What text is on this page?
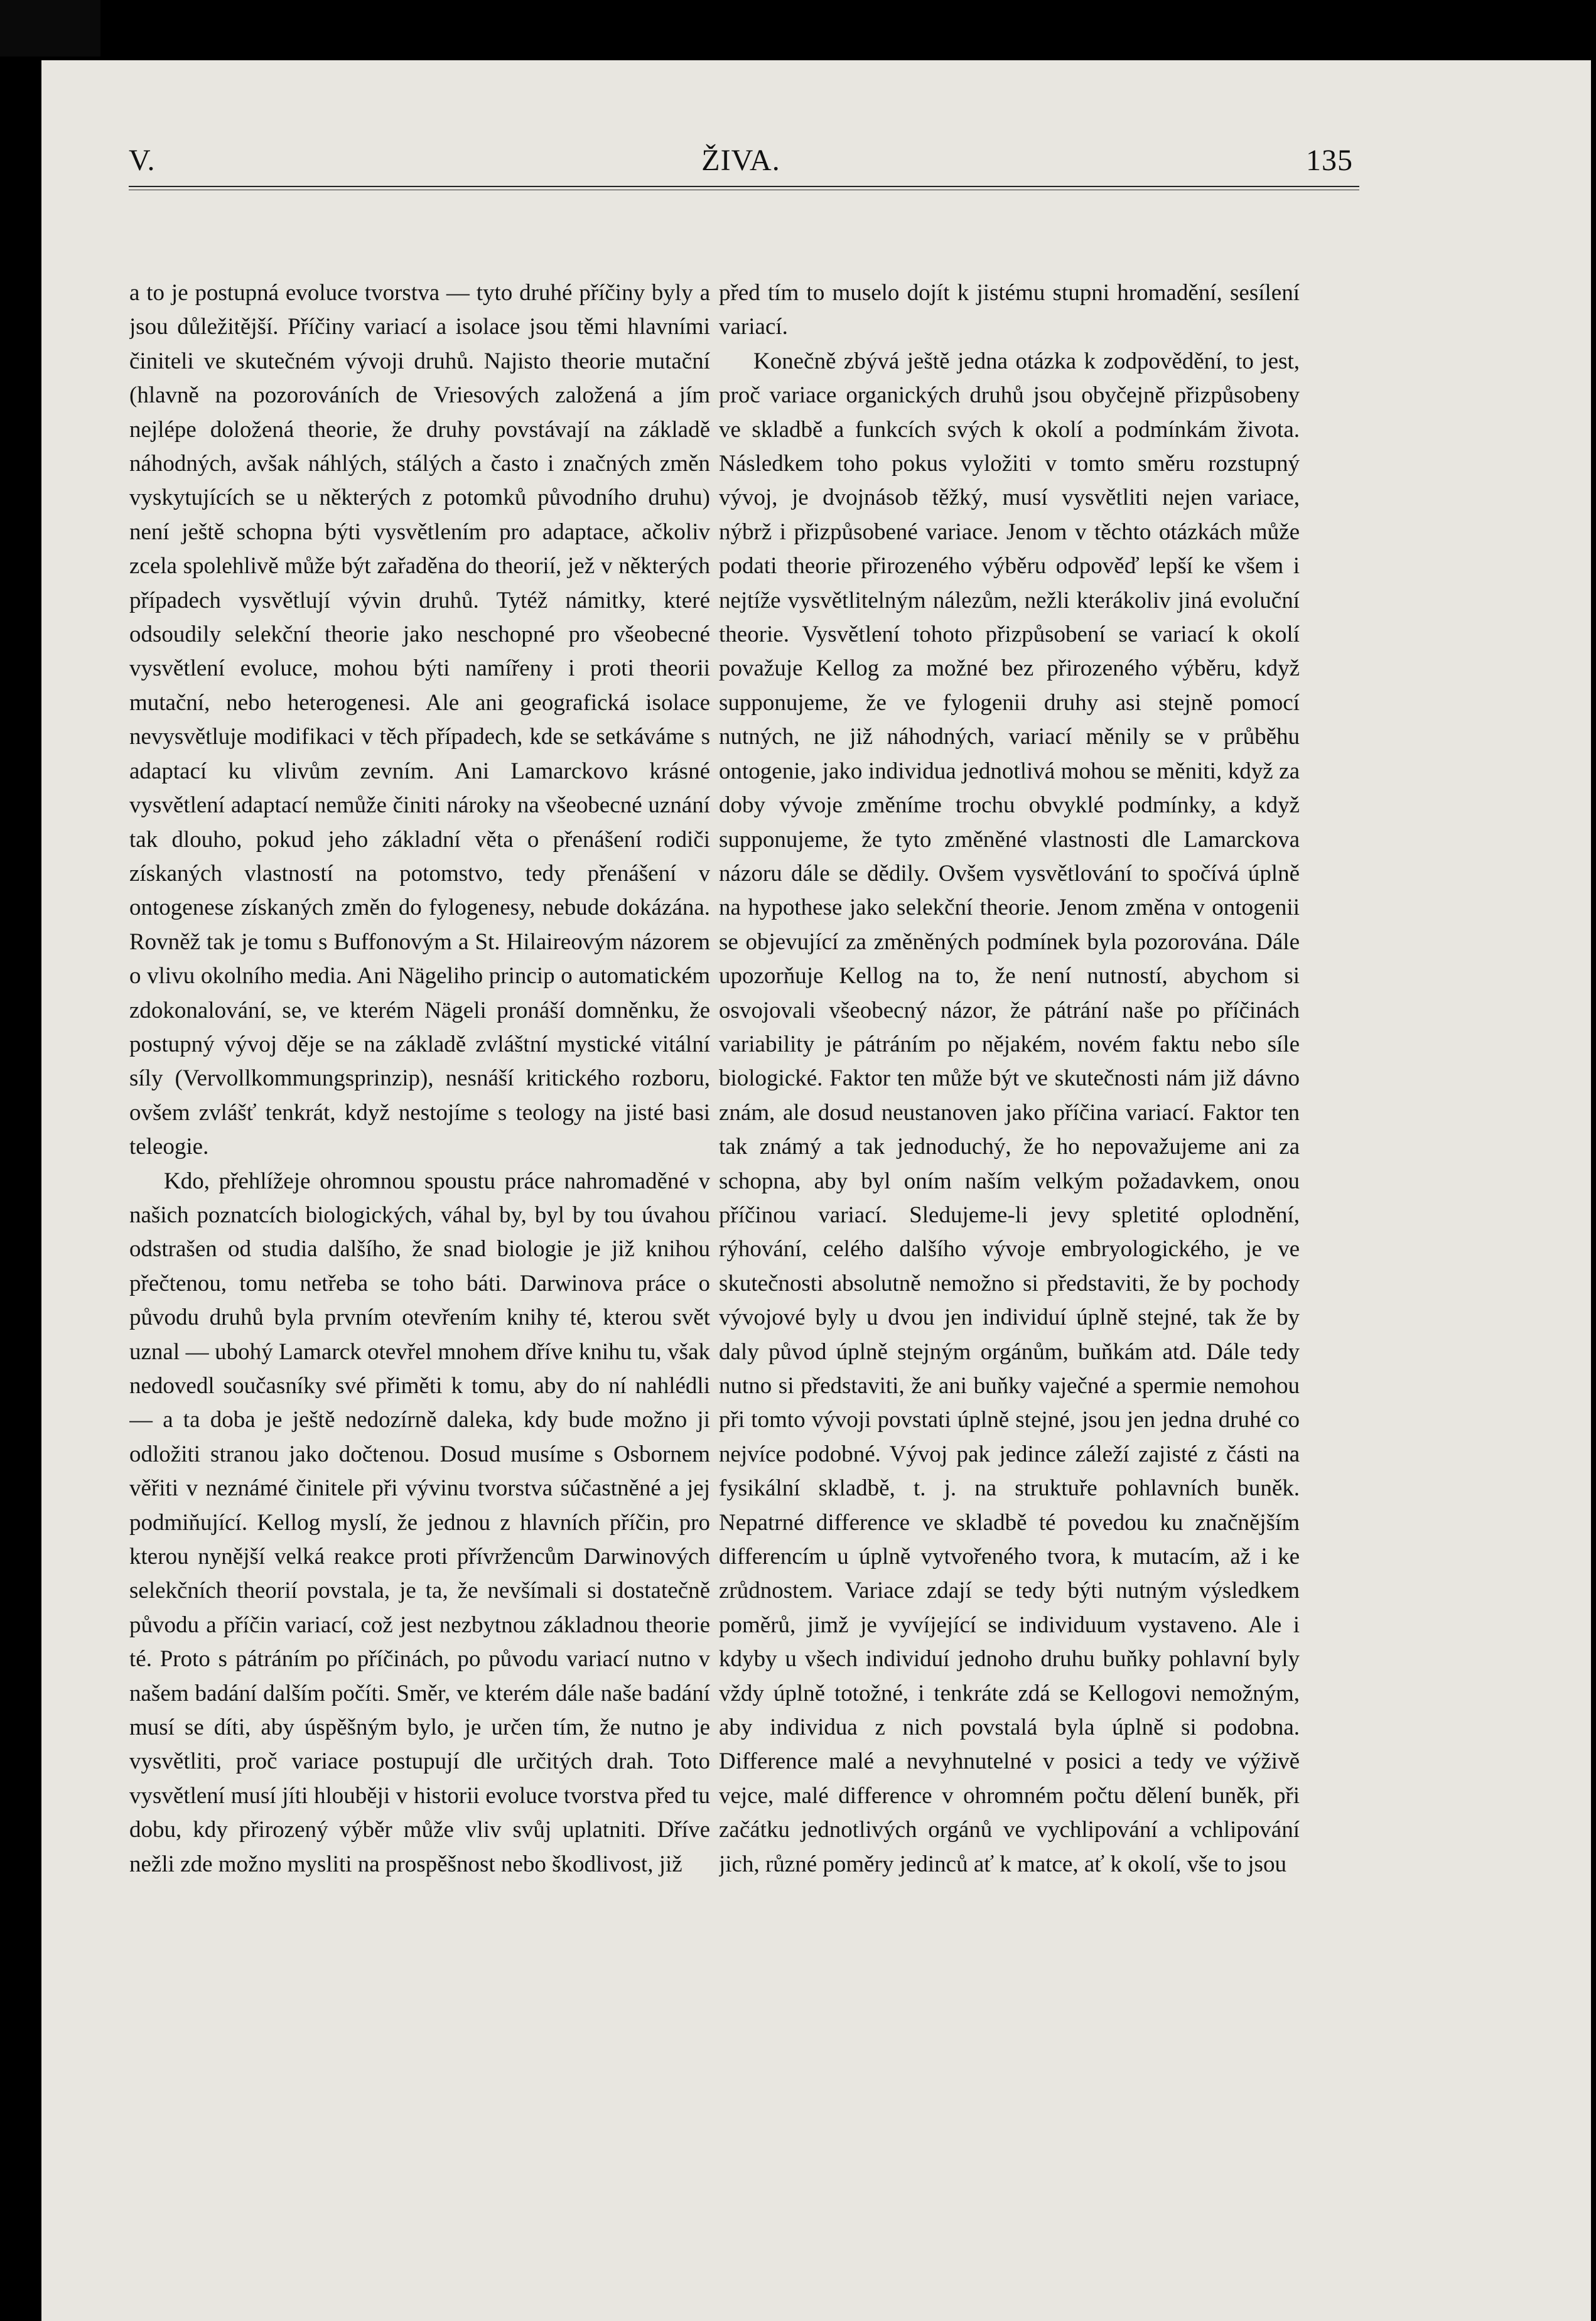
V.	ŽIVA.	135

a to je postupná evoluce tvorstva — tyto druhé příčiny byly a jsou důležitější. Příčiny variací a isolace jsou těmi hlavními činiteli ve skutečném vývoji druhů. Najisto theorie mutační (hlavně na pozorováních de Vriesových založená a jím nejlépe doložená theorie, že druhy povstávají na základě náhodných, avšak náhlých, stálých a často i značných změn vyskytujících se u některých z potomků původního druhu) není ještě schopna býti vysvětlením pro adaptace, ačkoliv zcela spolehlivě může být zařaděna do theorií, jež v některých případech vysvětlují vývin druhů. Tytéž námitky, které odsoudily selekční theorie jako neschopné pro všeobecné vysvětlení evoluce, mohou býti namířeny i proti theorii mutační, nebo heterogenesi. Ale ani geografická isolace nevysvětluje modifikaci v těch případech, kde se setkáváme s adaptací ku vlivům zevním. Ani Lamarckovo krásné vysvětlení adaptací nemůže činiti nároky na všeobecné uznání tak dlouho, pokud jeho základní věta o přenášení rodiči získaných vlastností na potomstvo, tedy přenášení v ontogenese získaných změn do fylogenesy, nebude dokázána. Rovněž tak je tomu s Buffonovým a St. Hilaireovým názorem o vlivu okolního media. Ani Nägeliho princip o automatickém zdokonalování, se, ve kterém Nägeli pronáší domněnku, že postupný vývoj děje se na základě zvláštní mystické vitální síly (Vervollkommungsprinzip), nesnáší kritického rozboru, ovšem zvlášť tenkrát, když nestojíme s teology na jisté basi teleogie.

Kdo, přehlížeje ohromnou spoustu práce nahromaděné v našich poznatcích biologických, váhal by, byl by tou úvahou odstrašen od studia dalšího, že snad biologie je již knihou přečtenou, tomu netřeba se toho báti. Darwinova práce o původu druhů byla prvním otevřením knihy té, kterou svět uznal — ubohý Lamarck otevřel mnohem dříve knihu tu, však nedovedl současníky své přiměti k tomu, aby do ní nahlédli — a ta doba je ještě nedozírně daleka, kdy bude možno ji odložiti stranou jako dočtenou. Dosud musíme s Osbornem věřiti v neznámé činitele při vývinu tvorstva súčastněné a jej podmiňující. Kellog myslí, že jednou z hlavních příčin, pro kterou nynější velká reakce proti přívržencům Darwinových selekčních theorií povstala, je ta, že nevšímali si dostatečně původu a příčin variací, což jest nezbytnou základnou theorie té. Proto s pátráním po příčinách, po původu variací nutno v našem badání dalším počíti. Směr, ve kterém dále naše badání musí se díti, aby úspěšným bylo, je určen tím, že nutno je vysvětliti, proč variace postupují dle určitých drah. Toto vysvětlení musí jíti hlouběji v historii evoluce tvorstva před tu dobu, kdy přirozený výběr může vliv svůj uplatniti. Dříve nežli zde možno mysliti na prospěšnost nebo škodlivost, již

před tím to muselo dojít k jistému stupni hromadění, sesílení variací.

Konečně zbývá ještě jedna otázka k zodpovědění, to jest, proč variace organických druhů jsou obyčejně přizpůsobeny ve skladbě a funkcích svých k okolí a podmínkám života. Následkem toho pokus vyložiti v tomto směru rozstupný vývoj, je dvojnásob těžký, musí vysvětliti nejen variace, nýbrž i přizpůsobené variace. Jenom v těchto otázkách může podati theorie přirozeného výběru odpověď lepší ke všem i nejtíže vysvětlitelným nálezům, nežli kterákoliv jiná evoluční theorie. Vysvětlení tohoto přizpůsobení se variací k okolí považuje Kellog za možné bez přirozeného výběru, když supponujeme, že ve fylogenii druhy asi stejně pomocí nutných, ne již náhodných, variací měnily se v průběhu ontogenie, jako individua jednotlivá mohou se měniti, když za doby vývoje změníme trochu obvyklé podmínky, a když supponujeme, že tyto změněné vlastnosti dle Lamarckova názoru dále se dědily. Ovšem vysvětlování to spočívá úplně na hypothese jako selekční theorie. Jenom změna v ontogenii se objevující za změněných podmínek byla pozorována. Dále upozorňuje Kellog na to, že není nutností, abychom si osvojovali všeobecný názor, že pátrání naše po příčinách variability je pátráním po nějakém, novém faktu nebo síle biologické. Faktor ten může být ve skutečnosti nám již dávno znám, ale dosud neustanoven jako příčina variací. Faktor ten tak známý a tak jednoduchý, že ho nepovažujeme ani za schopna, aby byl oním naším velkým požadavkem, onou příčinou variací. Sledujeme-li jevy spletité oplodnění, rýhování, celého dalšího vývoje embryologického, je ve skutečnosti absolutně nemožno si představiti, že by pochody vývojové byly u dvou jen individuí úplně stejné, tak že by daly původ úplně stejným orgánům, buňkám atd. Dále tedy nutno si představiti, že ani buňky vaječné a spermie nemohou při tomto vývoji povstati úplně stejné, jsou jen jedna druhé co nejvíce podobné. Vývoj pak jedince záleží zajisté z části na fysikální skladbě, t. j. na struktuře pohlavních buněk. Nepatrné difference ve skladbě té povedou ku značnějším differencím u úplně vytvořeného tvora, k mutacím, až i ke zrůdnostem. Variace zdají se tedy býti nutným výsledkem poměrů, jimž je vyvíjející se individuum vystaveno. Ale i kdyby u všech individuí jednoho druhu buňky pohlavní byly vždy úplně totožné, i tenkráte zdá se Kellogovi nemožným, aby individua z nich povstalá byla úplně si podobna. Difference malé a nevyhnutelné v posici a tedy ve výživě vejce, malé difference v ohromném počtu dělení buněk, při začátku jednotlivých orgánů ve vychlipování a vchlipování jich, různé poměry jedinců ať k matce, ať k okolí, vše to jsou
